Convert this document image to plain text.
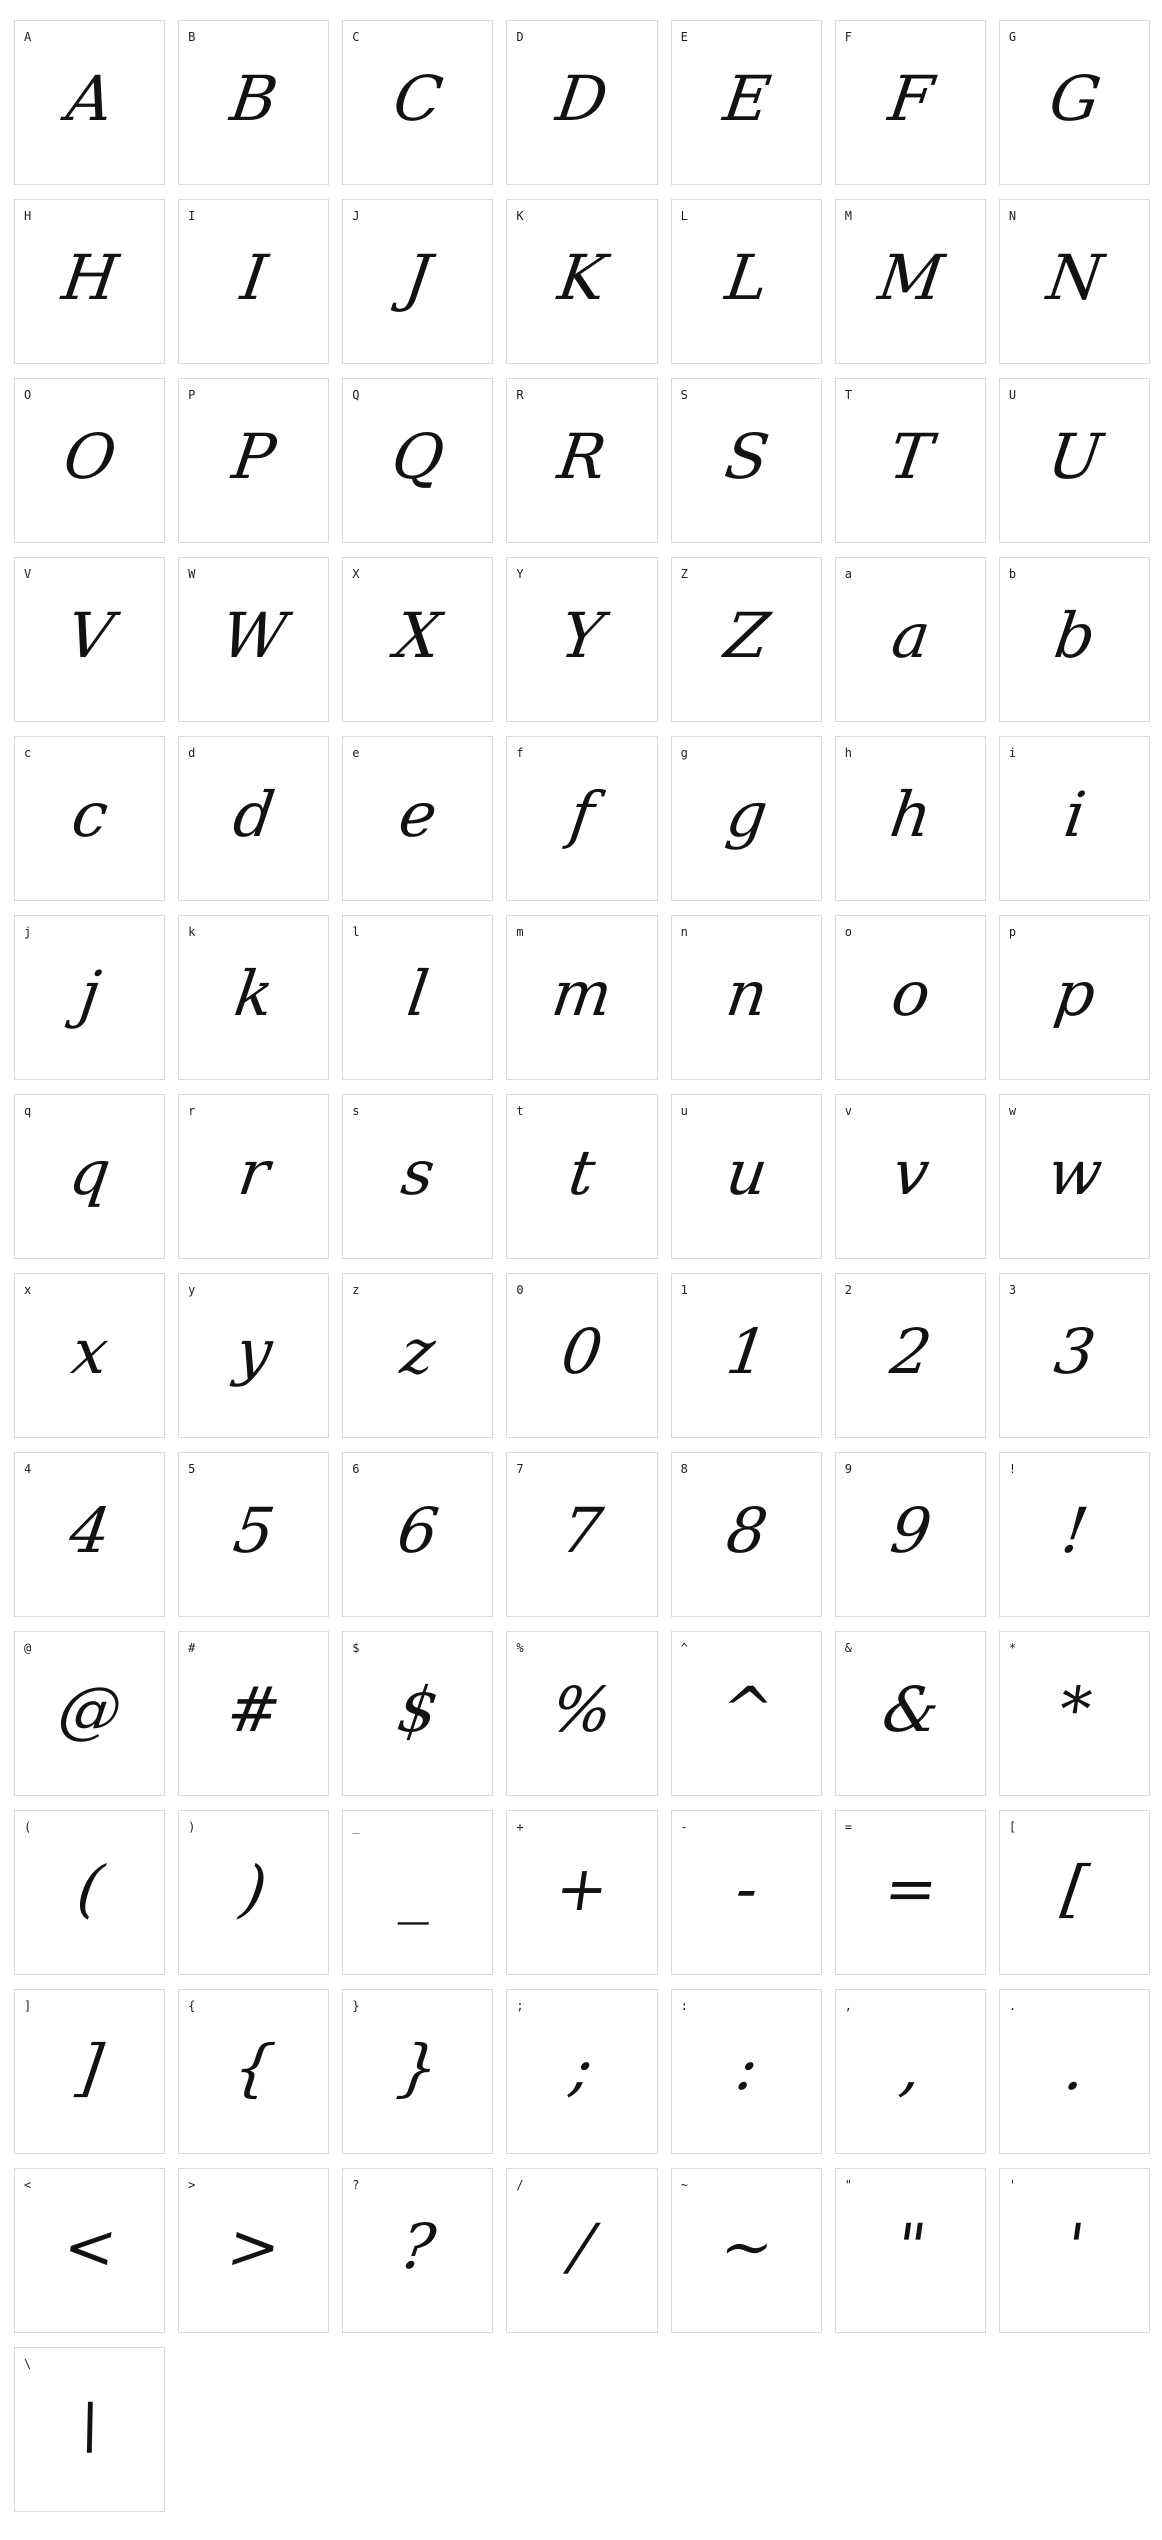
A
A
B
B
C
C
D
D
E
E
F
F
G
G
H
H
I
I
J
J
K
K
L
L
M
M
N
N
O
O
P
P
Q
Q
R
R
S
S
T
T
U
U
V
V
W
W
X
X
Y
Y
Z
Z
a
a
b
b
c
c
d
d
e
e
f
f
g
g
h
h
i
i
j
j
k
k
l
l
m
m
n
n
o
o
p
p
q
q
r
r
s
s
t
t
u
u
v
v
w
w
x
x
y
y
z
z
0
0
1
1
2
2
3
3
4
4
5
5
6
6
7
7
8
8
9
9
!
!
@
@
#
#
$
$
%
%
^
^
&
&
*
*
(
(
)
)
_
_
+
+
-
-
=
=
[
[
]
]
{
{
}
}
;
;
:
:
,
,
.
.
<
<
>
>
?
?
/
/
~
~
"
"
'
'
\
\
